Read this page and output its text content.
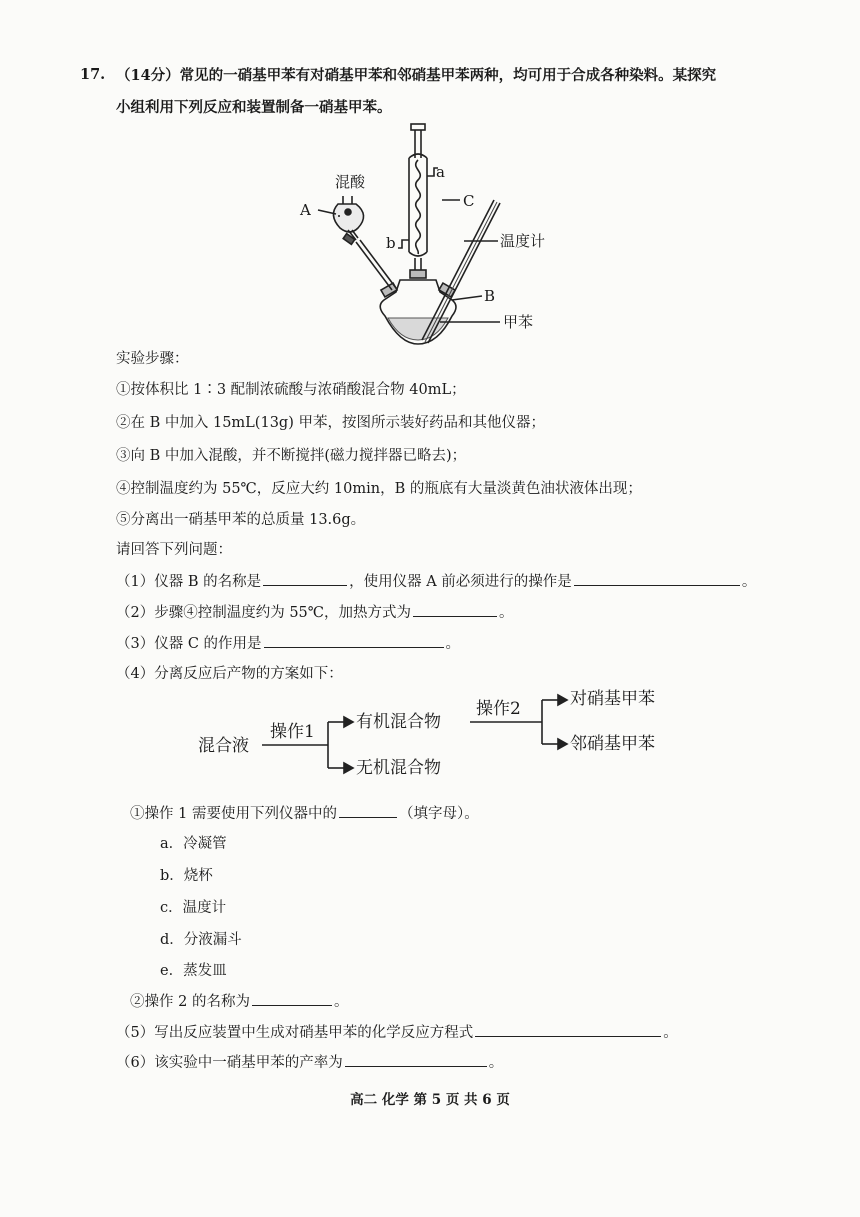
17. （14分）常见的一硝基甲苯有对硝基甲苯和邻硝基甲苯两种，均可用于合成各种染料。某探究
小组利用下列反应和装置制备一硝基甲苯。
混酸
a
A	C
b	温度计
B
甲苯
实验步骤：
①按体积比 1∶3 配制浓硫酸与浓硝酸混合物 40mL；
②在 B 中加入 15mL(13g) 甲苯，按图所示装好药品和其他仪器；
③向 B 中加入混酸，并不断搅拌(磁力搅拌器已略去)；
④控制温度约为 55℃，反应大约 10min，B 的瓶底有大量淡黄色油状液体出现；
⑤分离出一硝基甲苯的总质量 13.6g。
请回答下列问题：
（1）仪器 B 的名称是	，使用仪器 A 前必须进行的操作是	。
（2）步骤④控制温度约为 55℃，加热方式为	。
（3）仪器 C 的作用是	。
（4）分离反应后产物的方案如下：
混合液
操作1 有机混合物
无机混合物
操作2	对硝基甲苯
邻硝基甲苯
①操作 1 需要使用下列仪器中的	（填字母）。
a．冷凝管
b．烧杯
c．温度计
d．分液漏斗
e．蒸发皿
②操作 2 的名称为	。
（5）写出反应装置中生成对硝基甲苯的化学反应方程式	。
（6）该实验中一硝基甲苯的产率为	。
高二 化学 第 5 页 共 6 页
